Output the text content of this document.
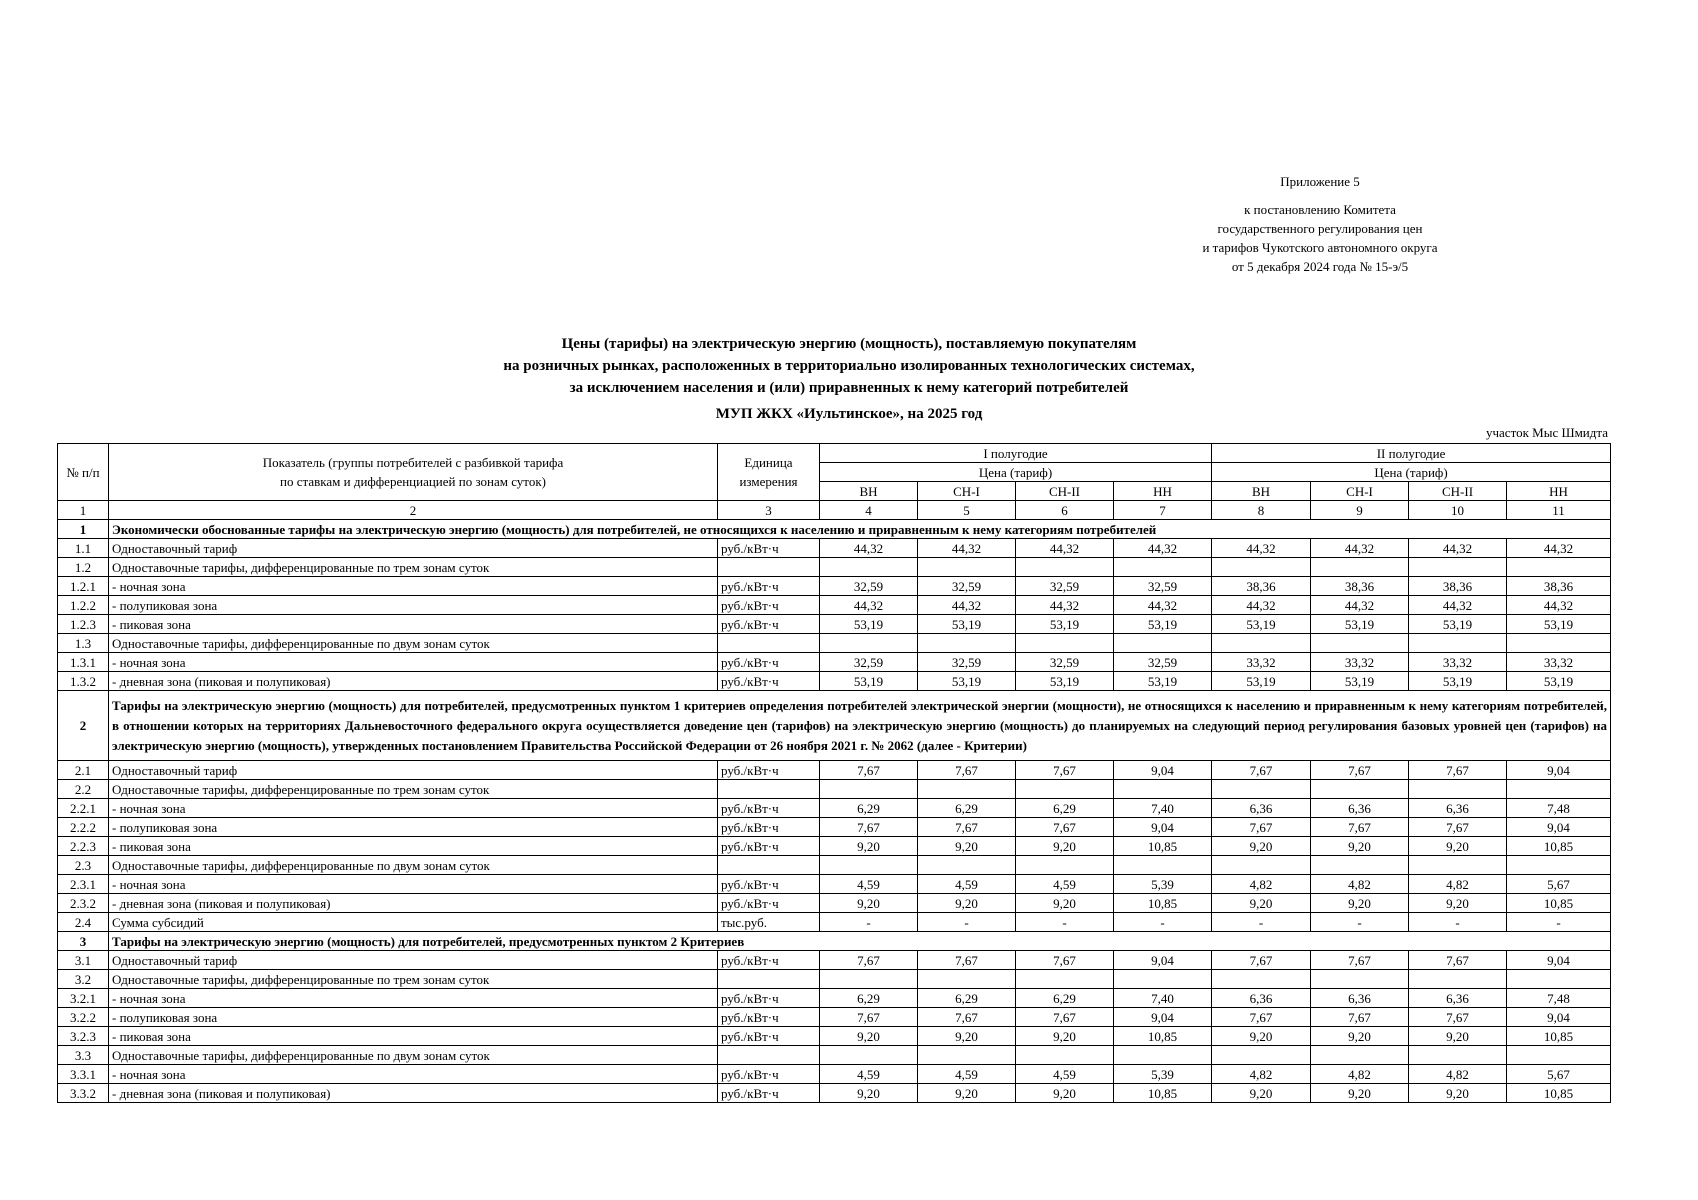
Приложение 5
к постановлению Комитета
государственного регулирования цен
и тарифов Чукотского автономного округа
от 5 декабря 2024 года № 15-э/5
Цены (тарифы) на электрическую энергию (мощность), поставляемую покупателям
на розничных рынках, расположенных в территориально изолированных технологических системах,
за исключением населения и (или) приравненных к нему категорий потребителей
МУП ЖКХ «Иультинское», на 2025 год
участок Мыс Шмидта
№ п/п	Показатель (группы потребителей с разбивкой тарифа по ставкам и дифференциацией по зонам суток)	Единица измерения	I полугодие				II полугодие			
			Цена (тариф)				Цена (тариф)			
			ВН	СН-I	СН-II	НН	ВН	СН-I	СН-II	НН
1	2	3	4	5	6	7	8	9	10	11
1	Экономически обоснованные тарифы на электрическую энергию (мощность) для потребителей, не относящихся к населению и приравненным к нему категориям потребителей									
1.1	Одноставочный тариф	руб./кВт·ч	44,32	44,32	44,32	44,32	44,32	44,32	44,32	44,32
1.2	Одноставочные тарифы, дифференцированные по трем зонам суток									
1.2.1	- ночная зона	руб./кВт·ч	32,59	32,59	32,59	32,59	38,36	38,36	38,36	38,36
1.2.2	- полупиковая зона	руб./кВт·ч	44,32	44,32	44,32	44,32	44,32	44,32	44,32	44,32
1.2.3	- пиковая зона	руб./кВт·ч	53,19	53,19	53,19	53,19	53,19	53,19	53,19	53,19
1.3	Одноставочные тарифы, дифференцированные по двум зонам суток									
1.3.1	- ночная зона	руб./кВт·ч	32,59	32,59	32,59	32,59	33,32	33,32	33,32	33,32
1.3.2	- дневная зона (пиковая и полупиковая)	руб./кВт·ч	53,19	53,19	53,19	53,19	53,19	53,19	53,19	53,19
2	Тарифы на электрическую энергию (мощность) для потребителей, предусмотренных пунктом 1 критериев определения потребителей электрической энергии (мощности), не относящихся к населению и приравненным к нему категориям потребителей, в отношении которых на территориях Дальневосточного федерального округа осуществляется доведение цен (тарифов) на электрическую энергию (мощность) до планируемых на следующий период регулирования базовых уровней цен (тарифов) на электрическую энергию (мощность), утвержденных постановлением Правительства Российской Федерации от 26 ноября 2021 г. № 2062 (далее - Критерии)									
2.1	Одноставочный тариф	руб./кВт·ч	7,67	7,67	7,67	9,04	7,67	7,67	7,67	9,04
2.2	Одноставочные тарифы, дифференцированные по трем зонам суток									
2.2.1	- ночная зона	руб./кВт·ч	6,29	6,29	6,29	7,40	6,36	6,36	6,36	7,48
2.2.2	- полупиковая зона	руб./кВт·ч	7,67	7,67	7,67	9,04	7,67	7,67	7,67	9,04
2.2.3	- пиковая зона	руб./кВт·ч	9,20	9,20	9,20	10,85	9,20	9,20	9,20	10,85
2.3	Одноставочные тарифы, дифференцированные по двум зонам суток									
2.3.1	- ночная зона	руб./кВт·ч	4,59	4,59	4,59	5,39	4,82	4,82	4,82	5,67
2.3.2	- дневная зона (пиковая и полупиковая)	руб./кВт·ч	9,20	9,20	9,20	10,85	9,20	9,20	9,20	10,85
2.4	Сумма субсидий	тыс.руб.	-	-	-	-	-	-	-	-
3	Тарифы на электрическую энергию (мощность) для потребителей, предусмотренных пунктом 2 Критериев									
3.1	Одноставочный тариф	руб./кВт·ч	7,67	7,67	7,67	9,04	7,67	7,67	7,67	9,04
3.2	Одноставочные тарифы, дифференцированные по трем зонам суток									
3.2.1	- ночная зона	руб./кВт·ч	6,29	6,29	6,29	7,40	6,36	6,36	6,36	7,48
3.2.2	- полупиковая зона	руб./кВт·ч	7,67	7,67	7,67	9,04	7,67	7,67	7,67	9,04
3.2.3	- пиковая зона	руб./кВт·ч	9,20	9,20	9,20	10,85	9,20	9,20	9,20	10,85
3.3	Одноставочные тарифы, дифференцированные по двум зонам суток									
3.3.1	- ночная зона	руб./кВт·ч	4,59	4,59	4,59	5,39	4,82	4,82	4,82	5,67
3.3.2	- дневная зона (пиковая и полупиковая)	руб./кВт·ч	9,20	9,20	9,20	10,85	9,20	9,20	9,20	10,85
